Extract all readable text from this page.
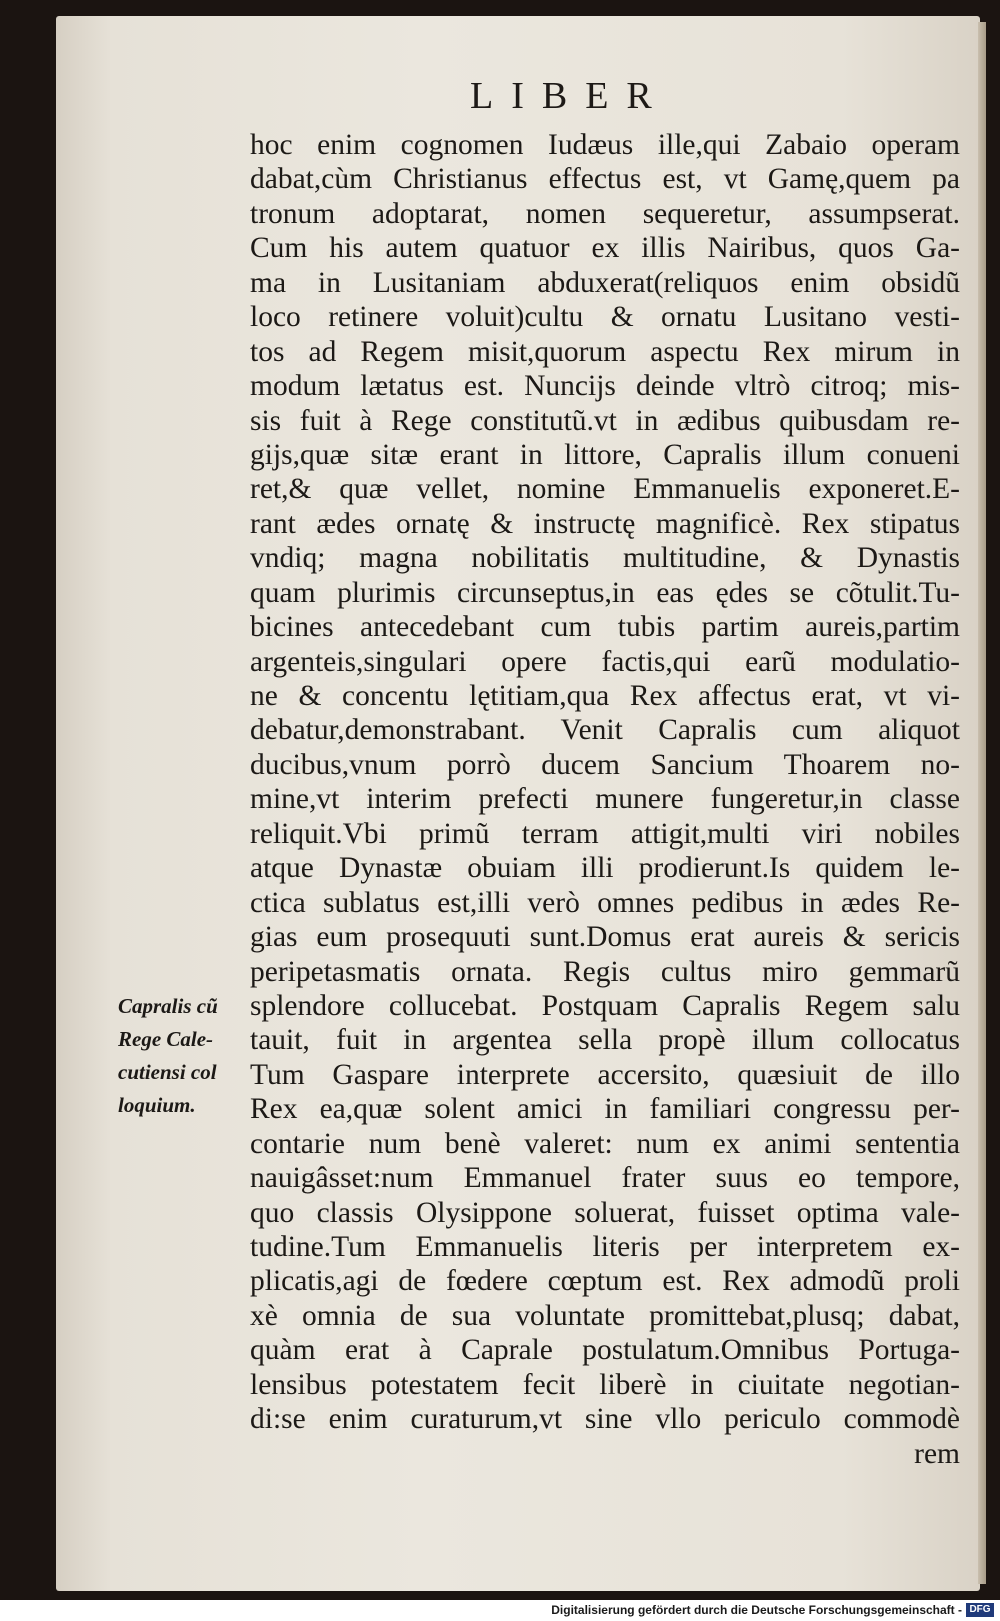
LIBER
hoc enim cognomen Iudæus ille,qui Zabaio operam
dabat,cùm Christianus effectus est, vt Gamę,quem pa
tronum adoptarat, nomen sequeretur, assumpserat.
Cum his autem quatuor ex illis Nairibus, quos Ga-
ma in Lusitaniam abduxerat(reliquos enim obsidũ
loco retinere voluit)cultu & ornatu Lusitano vesti-
tos ad Regem misit,quorum aspectu Rex mirum in
modum lætatus est. Nuncijs deinde vltrò citroq; mis-
sis fuit à Rege constitutũ.vt in ædibus quibusdam re-
gijs,quæ sitæ erant in littore, Capralis illum conueni
ret,& quæ vellet, nomine Emmanuelis exponeret.E-
rant ædes ornatę & instructę magnificè. Rex stipatus
vndiq; magna nobilitatis multitudine, & Dynastis
quam plurimis circunseptus,in eas ędes se cõtulit.Tu-
bicines antecedebant cum tubis partim aureis,partim
argenteis,singulari opere factis,qui earũ modulatio-
ne & concentu lętitiam,qua Rex affectus erat, vt vi-
debatur,demonstrabant. Venit Capralis cum aliquot
ducibus,vnum porrò ducem Sancium Thoarem no-
mine,vt interim prefecti munere fungeretur,in classe
reliquit.Vbi primũ terram attigit,multi viri nobiles
atque Dynastæ obuiam illi prodierunt.Is quidem le-
ctica sublatus est,illi verò omnes pedibus in ædes Re-
gias eum prosequuti sunt.Domus erat aureis & sericis
peripetasmatis ornata. Regis cultus miro gemmarũ
splendore collucebat. Postquam Capralis Regem salu
tauit, fuit in argentea sella propè illum collocatus
Tum Gaspare interprete accersito, quæsiuit de illo
Rex ea,quæ solent amici in familiari congressu per-
contarie num benè valeret: num ex animi sententia
nauigâsset:num Emmanuel frater suus eo tempore,
quo classis Olysippone soluerat, fuisset optima vale-
tudine.Tum Emmanuelis literis per interpretem ex-
plicatis,agi de fœdere cœptum est. Rex admodũ proli
xè omnia de sua voluntate promittebat,plusq; dabat,
quàm erat à Caprale postulatum.Omnibus Portuga-
lensibus potestatem fecit liberè in ciuitate negotian-
di:se enim curaturum,vt sine vllo periculo commodè
rem
Capralis cũ
Rege Cale-
cutiensi col
loquium.
Digitalisierung gefördert durch die Deutsche Forschungsgemeinschaft - DFG
